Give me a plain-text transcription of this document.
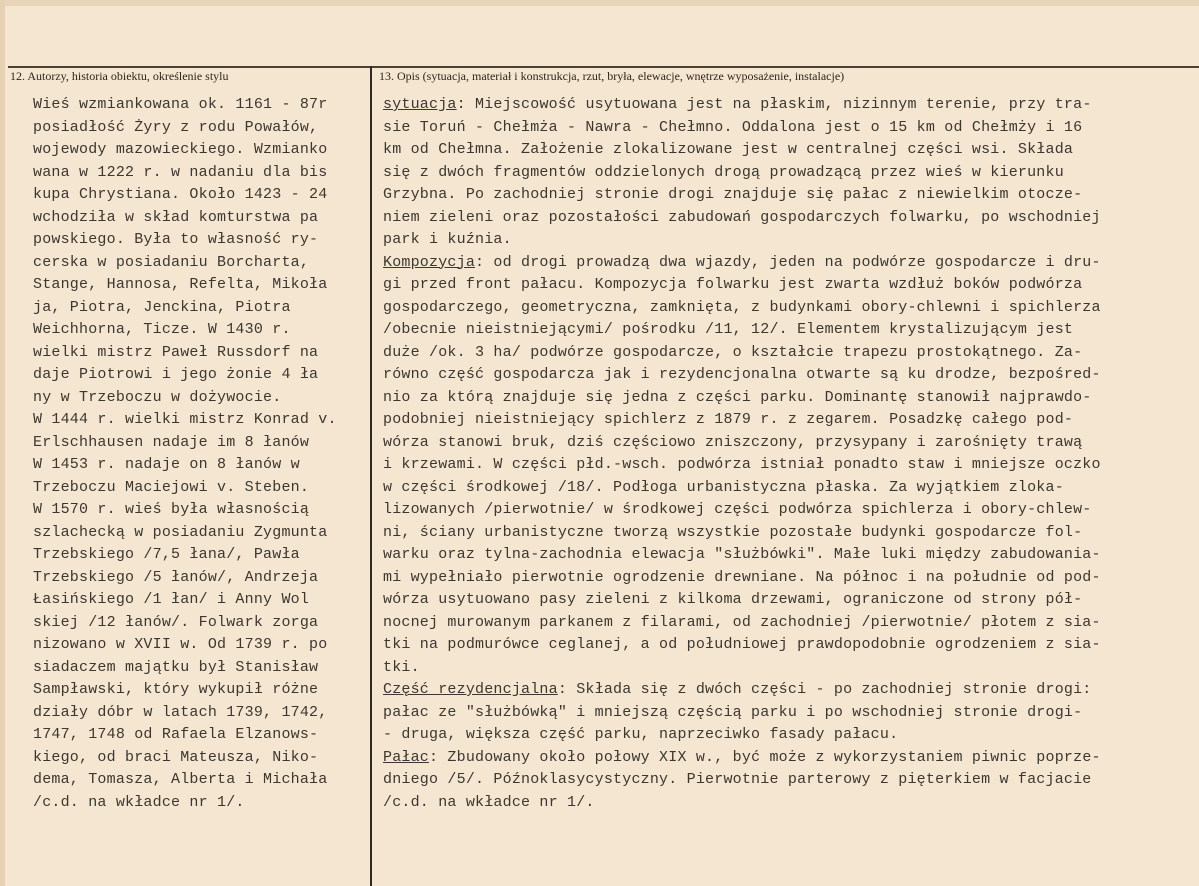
12. Autorzy, historia obiektu, określenie stylu	13. Opis (sytuacja, materiał i konstrukcja, rzut, bryła, elewacje, wnętrze wyposażenie, instalacje)
Wieś wzmiankowana ok. 1161 - 87r
posiadłość Żyry z rodu Powałów,
wojewody mazowieckiego. Wzmianko
wana w 1222 r. w nadaniu dla bis
kupa Chrystiana. Około 1423 - 24
wchodziła w skład komturstwa pa
powskiego. Była to własność ry-
cerska w posiadaniu Borcharta,
Stange, Hannosa, Refelta, Mikoła
ja, Piotra, Jenckina, Piotra
Weichhorna, Ticze. W 1430 r.
wielki mistrz Paweł Russdorf na
daje Piotrowi i jego żonie 4 ła
ny w Trzeboczu w dożywocie.
W 1444 r. wielki mistrz Konrad v.
Erlschhausen nadaje im 8 łanów
W 1453 r. nadaje on 8 łanów w
Trzeboczu Maciejowi v. Steben.
W 1570 r. wieś była własnością
szlachecką w posiadaniu Zygmunta
Trzebskiego /7,5 łana/, Pawła
Trzebskiego /5 łanów/, Andrzeja
Łasińskiego /1 łan/ i Anny Wol
skiej /12 łanów/. Folwark zorga
nizowano w XVII w. Od 1739 r. po
siadaczem majątku był Stanisław
Sampławski, który wykupił różne
działy dóbr w latach 1739, 1742,
1747, 1748 od Rafaela Elzanows-
kiego, od braci Mateusza, Niko-
dema, Tomasza, Alberta i Michała
/c.d. na wkładce nr 1/.
sytuacja: Miejscowość usytuowana jest na płaskim, nizinnym terenie, przy tra-
sie Toruń - Chełmża - Nawra - Chełmno. Oddalona jest o 15 km od Chełmży i 16
km od Chełmna. Założenie zlokalizowane jest w centralnej części wsi. Składa
się z dwóch fragmentów oddzielonych drogą prowadzącą przez wieś w kierunku
Grzybna. Po zachodniej stronie drogi znajduje się pałac z niewielkim otocze-
niem zieleni oraz pozostałości zabudowań gospodarczych folwarku, po wschodniej
park i kuźnia.
Kompozycja: od drogi prowadzą dwa wjazdy, jeden na podwórze gospodarcze i dru-
gi przed front pałacu. Kompozycja folwarku jest zwarta wzdłuż boków podwórza
gospodarczego, geometryczna, zamknięta, z budynkami obory-chlewni i spichlerza
/obecnie nieistniejącymi/ pośrodku /11, 12/. Elementem krystalizującym jest
duże /ok. 3 ha/ podwórze gospodarcze, o kształcie trapezu prostokątnego. Za-
równo część gospodarcza jak i rezydencjonalna otwarte są ku drodze, bezpośred-
nio za którą znajduje się jedna z części parku. Dominantę stanowił najprawdo-
podobniej nieistniejący spichlerz z 1879 r. z zegarem. Posadzkę całego pod-
wórza stanowi bruk, dziś częściowo zniszczony, przysypany i zarośnięty trawą
i krzewami. W części płd.-wsch. podwórza istniał ponadto staw i mniejsze oczko
w części środkowej /18/. Podłoga urbanistyczna płaska. Za wyjątkiem zloka-
lizowanych /pierwotnie/ w środkowej części podwórza spichlerza i obory-chlew-
ni, ściany urbanistyczne tworzą wszystkie pozostałe budynki gospodarcze fol-
warku oraz tylna-zachodnia elewacja "służbówki". Małe luki między zabudowania-
mi wypełniało pierwotnie ogrodzenie drewniane. Na północ i na południe od pod-
wórza usytuowano pasy zieleni z kilkoma drzewami, ograniczone od strony pół-
nocnej murowanym parkanem z filarami, od zachodniej /pierwotnie/ płotem z sia-
tki na podmurówce ceglanej, a od południowej prawdopodobnie ogrodzeniem z sia-
tki.
Część rezydencjalna: Składa się z dwóch części - po zachodniej stronie drogi:
pałac ze "służbówką" i mniejszą częścią parku i po wschodniej stronie drogi-
- druga, większa część parku, naprzeciwko fasady pałacu.
Pałac: Zbudowany około połowy XIX w., być może z wykorzystaniem piwnic poprze-
dniego /5/. Późnoklasycystyczny. Pierwotnie parterowy z pięterkiem w facjacie
/c.d. na wkładce nr 1/.
